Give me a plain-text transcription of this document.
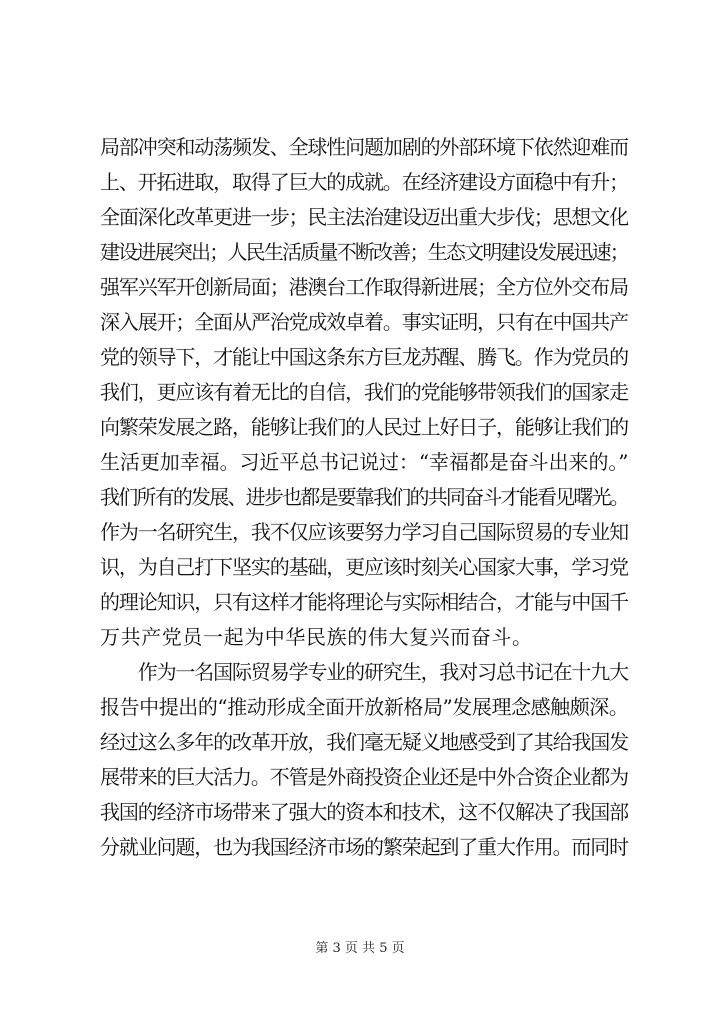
局部冲突和动荡频发、全球性问题加剧的外部环境下依然迎难而
上、开拓进取，取得了巨大的成就。在经济建设方面稳中有升；
全面深化改革更进一步；民主法治建设迈出重大步伐；思想文化
建设进展突出；人民生活质量不断改善；生态文明建设发展迅速；
强军兴军开创新局面；港澳台工作取得新进展；全方位外交布局
深入展开；全面从严治党成效卓着。事实证明，只有在中国共产
党的领导下，才能让中国这条东方巨龙苏醒、腾飞。作为党员的
我们，更应该有着无比的自信，我们的党能够带领我们的国家走
向繁荣发展之路，能够让我们的人民过上好日子，能够让我们的
生活更加幸福。习近平总书记说过：“幸福都是奋斗出来的。”
我们所有的发展、进步也都是要靠我们的共同奋斗才能看见曙光。
作为一名研究生，我不仅应该要努力学习自己国际贸易的专业知
识，为自己打下坚实的基础，更应该时刻关心国家大事，学习党
的理论知识，只有这样才能将理论与实际相结合，才能与中国千
万共产党员一起为中华民族的伟大复兴而奋斗。
　　作为一名国际贸易学专业的研究生，我对习总书记在十九大
报告中提出的“推动形成全面开放新格局”发展理念感触颇深。
经过这么多年的改革开放，我们毫无疑义地感受到了其给我国发
展带来的巨大活力。不管是外商投资企业还是中外合资企业都为
我国的经济市场带来了强大的资本和技术，这不仅解决了我国部
分就业问题，也为我国经济市场的繁荣起到了重大作用。而同时
第 3 页 共 5 页
